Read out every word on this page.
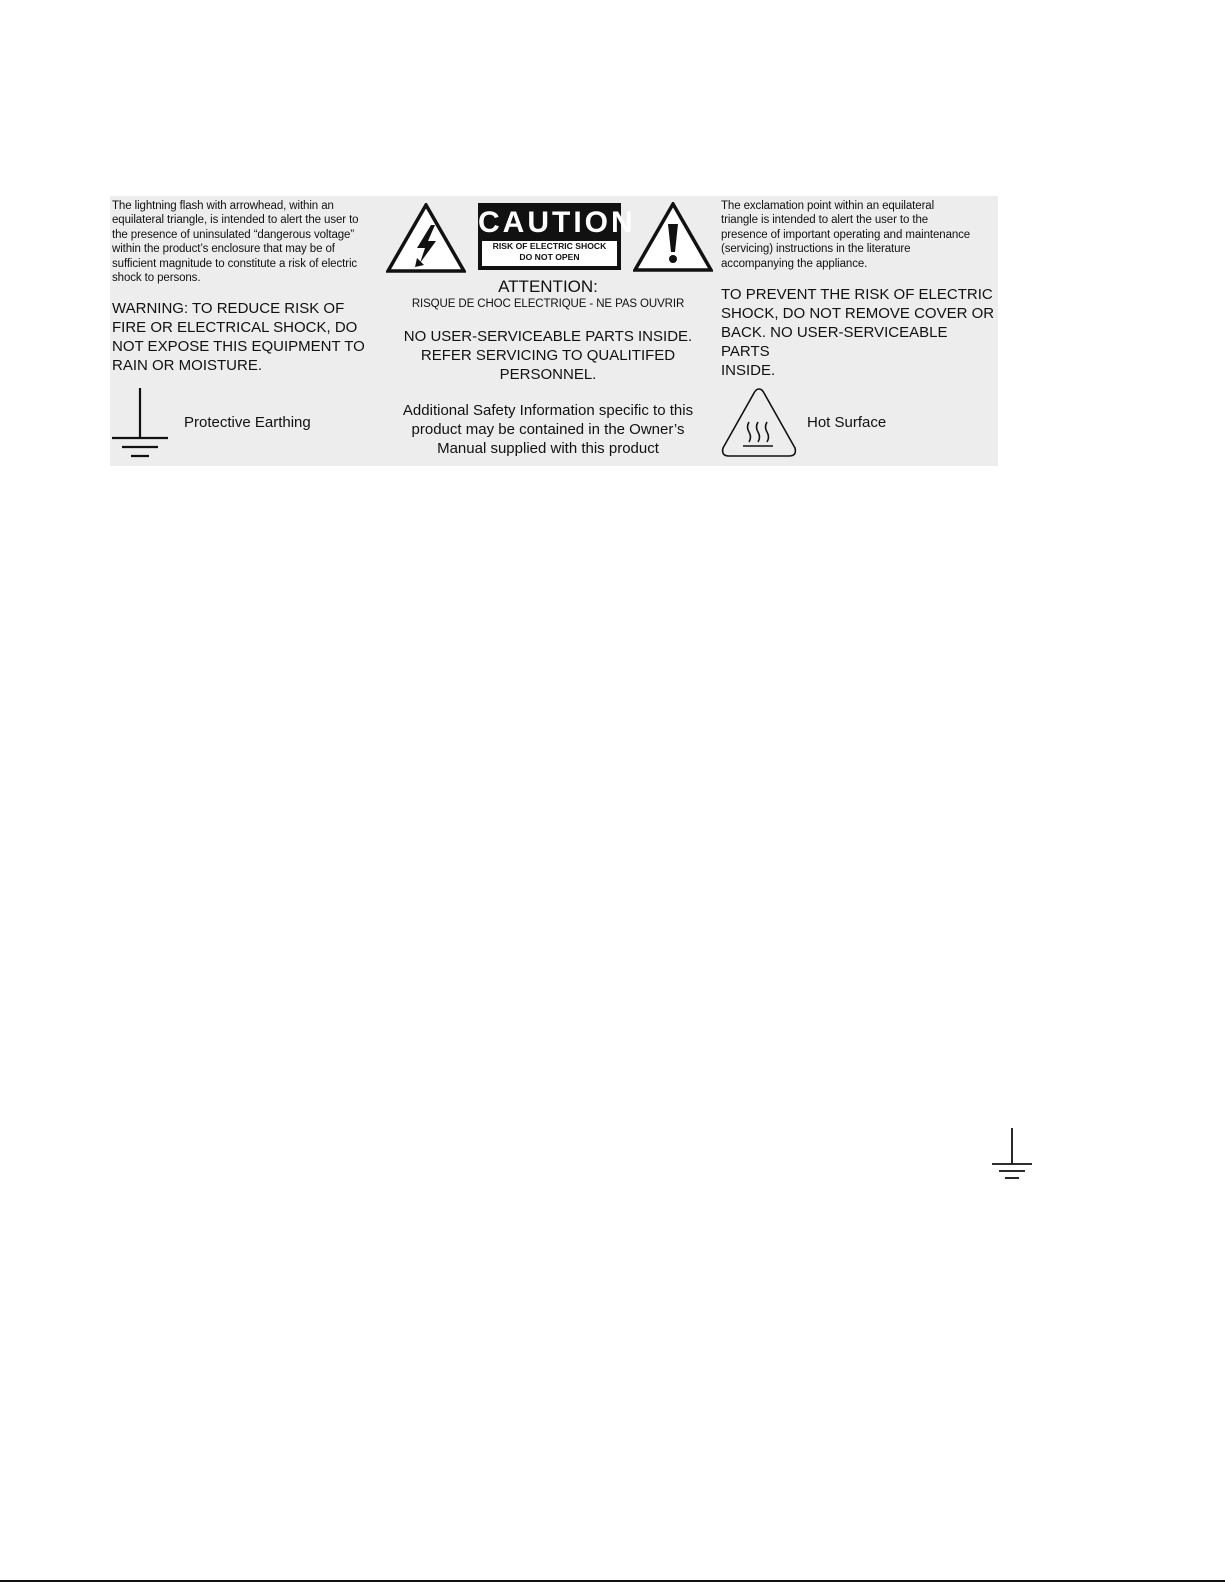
The lightning flash with arrowhead, within an
equilateral triangle, is intended to alert the user to
the presence of uninsulated “dangerous voltage”
within the product’s enclosure that may be of
sufficient magnitude to constitute a risk of electric
shock to persons.
WARNING: TO REDUCE RISK OF
FIRE OR ELECTRICAL SHOCK, DO
NOT EXPOSE THIS EQUIPMENT TO
RAIN OR MOISTURE.
Protective Earthing
CAUTION
RISK OF ELECTRIC SHOCK
DO NOT OPEN
ATTENTION:
RISQUE DE CHOC ELECTRIQUE - NE PAS OUVRIR
NO USER-SERVICEABLE PARTS INSIDE.
REFER SERVICING TO QUALITIFED
PERSONNEL.
Additional Safety Information specific to this
product may be contained in the Owner’s
Manual supplied with this product
The exclamation point within an equilateral
triangle is intended to alert the user to the
presence of important operating and maintenance
(servicing) instructions in the literature
accompanying the appliance.
TO PREVENT THE RISK OF ELECTRIC
SHOCK, DO NOT REMOVE COVER OR
BACK. NO USER-SERVICEABLE PARTS
INSIDE.
Hot Surface
